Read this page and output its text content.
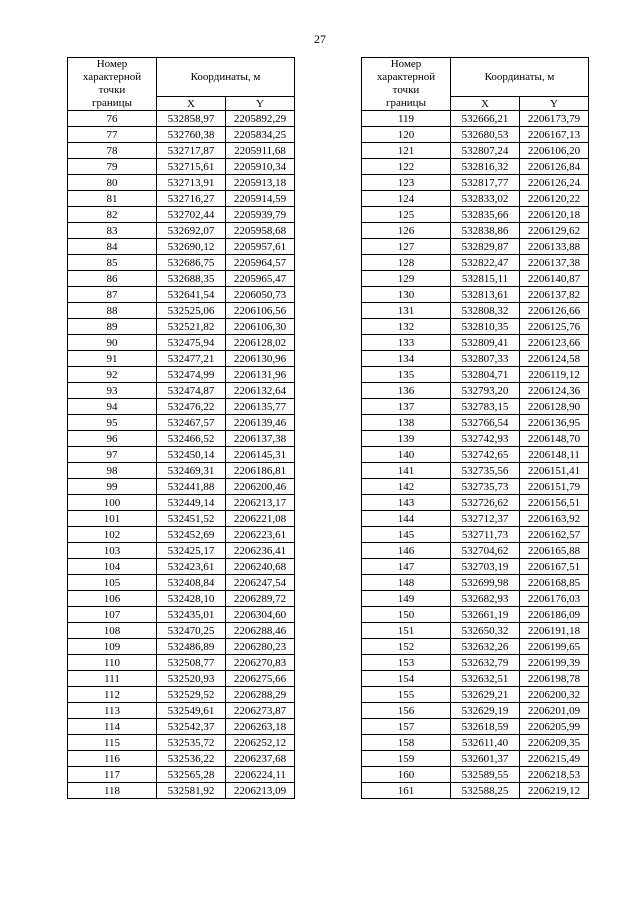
27
Номер
характерной
точки
границы	Координаты, м	
	X	Y
76	532858,97	2205892,29
77	532760,38	2205834,25
78	532717,87	2205911,68
79	532715,61	2205910,34
80	532713,91	2205913,18
81	532716,27	2205914,59
82	532702,44	2205939,79
83	532692,07	2205958,68
84	532690,12	2205957,61
85	532686,75	2205964,57
86	532688,35	2205965,47
87	532641,54	2206050,73
88	532525,06	2206106,56
89	532521,82	2206106,30
90	532475,94	2206128,02
91	532477,21	2206130,96
92	532474,99	2206131,96
93	532474,87	2206132,64
94	532476,22	2206135,77
95	532467,57	2206139,46
96	532466,52	2206137,38
97	532450,14	2206145,31
98	532469,31	2206186,81
99	532441,88	2206200,46
100	532449,14	2206213,17
101	532451,52	2206221,08
102	532452,69	2206223,61
103	532425,17	2206236,41
104	532423,61	2206240,68
105	532408,84	2206247,54
106	532428,10	2206289,72
107	532435,01	2206304,60
108	532470,25	2206288,46
109	532486,89	2206280,23
110	532508,77	2206270,83
111	532520,93	2206275,66
112	532529,52	2206288,29
113	532549,61	2206273,87
114	532542,37	2206263,18
115	532535,72	2206252,12
116	532536,22	2206237,68
117	532565,28	2206224,11
118	532581,92	2206213,09
Номер
характерной
точки
границы	Координаты, м	
	X	Y
119	532666,21	2206173,79
120	532680,53	2206167,13
121	532807,24	2206106,20
122	532816,32	2206126,84
123	532817,77	2206126,24
124	532833,02	2206120,22
125	532835,66	2206120,18
126	532838,86	2206129,62
127	532829,87	2206133,88
128	532822,47	2206137,38
129	532815,11	2206140,87
130	532813,61	2206137,82
131	532808,32	2206126,66
132	532810,35	2206125,76
133	532809,41	2206123,66
134	532807,33	2206124,58
135	532804,71	2206119,12
136	532793,20	2206124,36
137	532783,15	2206128,90
138	532766,54	2206136,95
139	532742,93	2206148,70
140	532742,65	2206148,11
141	532735,56	2206151,41
142	532735,73	2206151,79
143	532726,62	2206156,51
144	532712,37	2206163,92
145	532711,73	2206162,57
146	532704,62	2206165,88
147	532703,19	2206167,51
148	532699,98	2206168,85
149	532682,93	2206176,03
150	532661,19	2206186,09
151	532650,32	2206191,18
152	532632,26	2206199,65
153	532632,79	2206199,39
154	532632,51	2206198,78
155	532629,21	2206200,32
156	532629,19	2206201,09
157	532618,59	2206205,99
158	532611,40	2206209,35
159	532601,37	2206215,49
160	532589,55	2206218,53
161	532588,25	2206219,12
